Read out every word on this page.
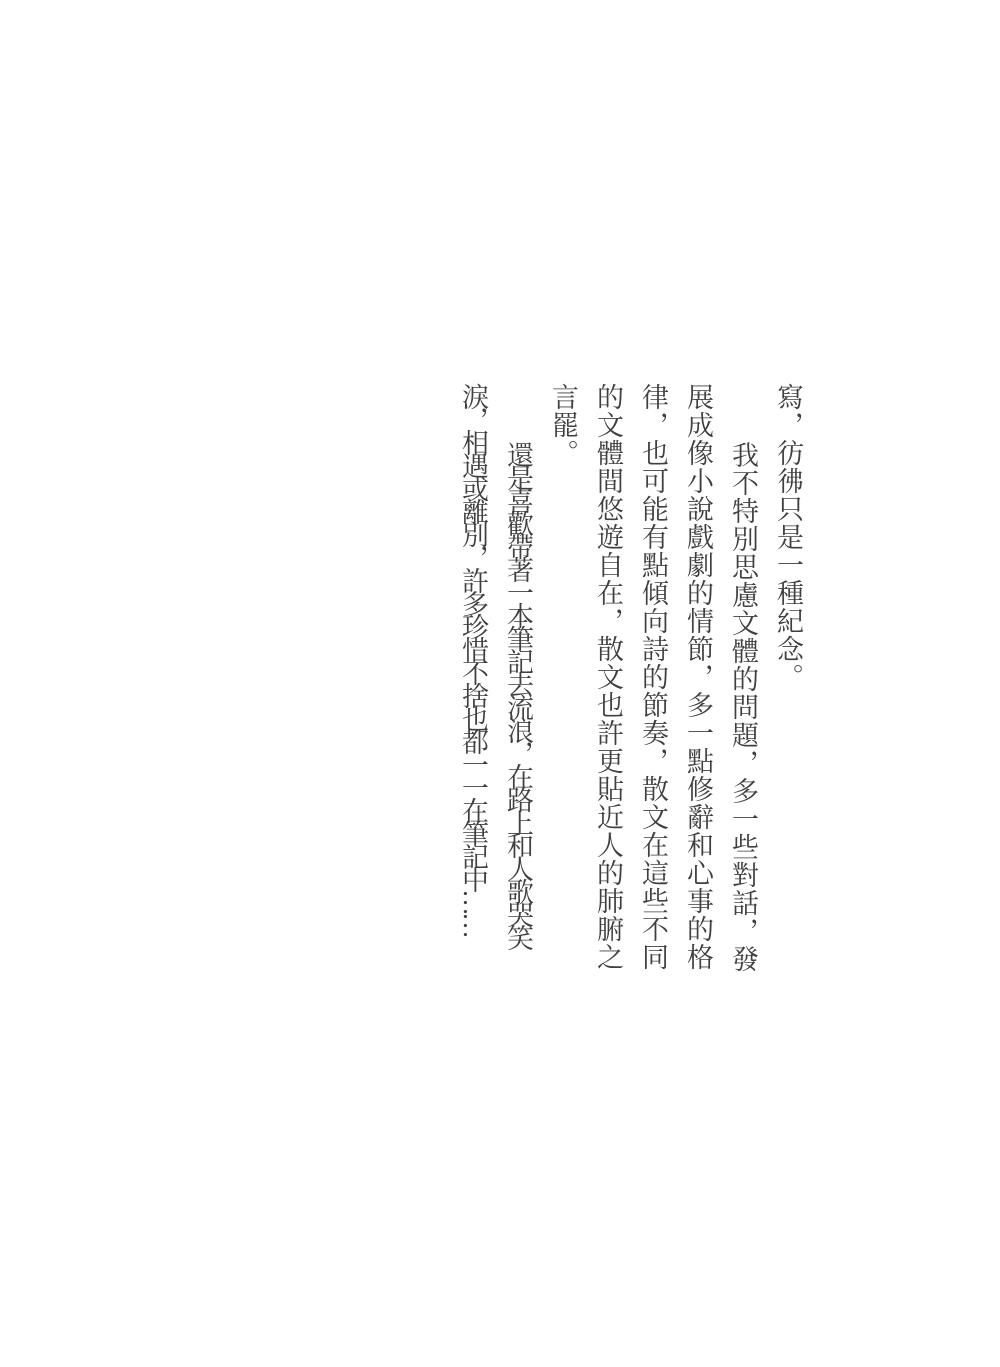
寫，彷彿只是一種紀念。
我不特別思慮文體的問題，多一些對話，發
展成像小說戲劇的情節，多一點修辭和心事的格
律，也可能有點傾向詩的節奏，散文在這些不同
的文體間悠遊自在，散文也許更貼近人的肺腑之
言罷。
還是喜歡帶著一本筆記去流浪，在路上和人歌哭笑
淚，相遇或離別，許多珍惜不捨也都一一在筆記中……
